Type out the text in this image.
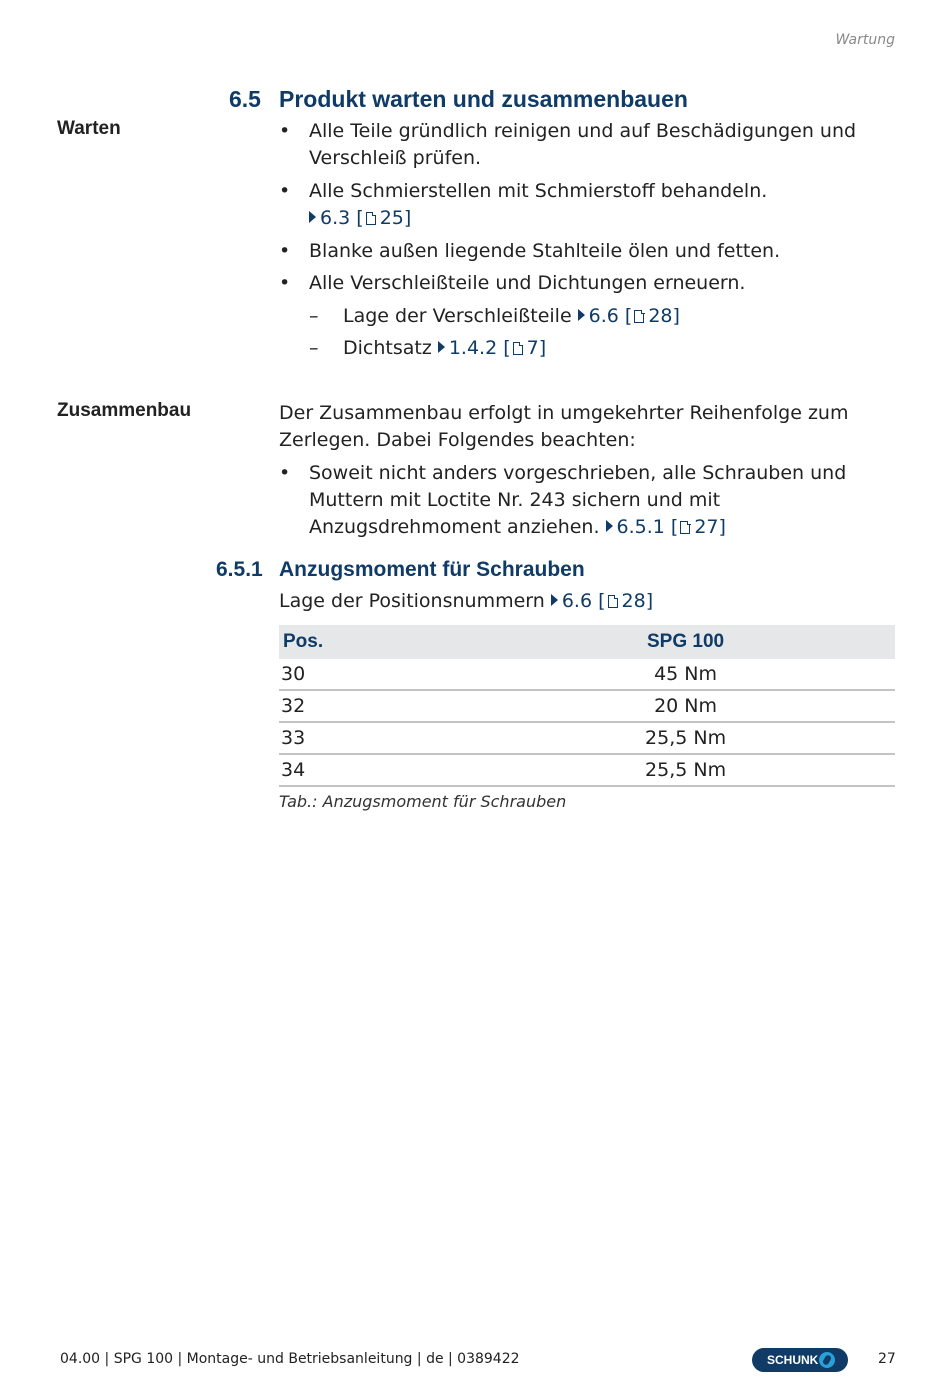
Wartung
6.5 Produkt warten und zusammenbauen
Warten	• Alle Teile gründlich reinigen und auf Beschädigungen und
Verschleiß prüfen.
• Alle Schmierstellen mit Schmierstoff behandeln.
6.3 [ 25]
• Blanke außen liegende Stahlteile ölen und fetten.
• Alle Verschleißteile und Dichtungen erneuern.
– Lage der Verschleißteile 6.6 [ 28]
– Dichtsatz 1.4.2 [ 7]
Zusammenbau	Der Zusammenbau erfolgt in umgekehrter Reihenfolge zum
Zerlegen. Dabei Folgendes beachten:
• Soweit nicht anders vorgeschrieben, alle Schrauben und
Muttern mit Loctite Nr. 243 sichern und mit
Anzugsdrehmoment anziehen. 6.5.1 [ 27]
6.5.1 Anzugsmoment für Schrauben
Lage der Positionsnummern 6.6 [ 28]
Pos.	SPG 100	
30	45 Nm	
32	20 Nm	
33	25,5 Nm	
34	25,5 Nm	
Tab.: Anzugsmoment für Schrauben
04.00 | SPG 100 | Montage- und Betriebsanleitung | de | 0389422	SCHUNK	27
